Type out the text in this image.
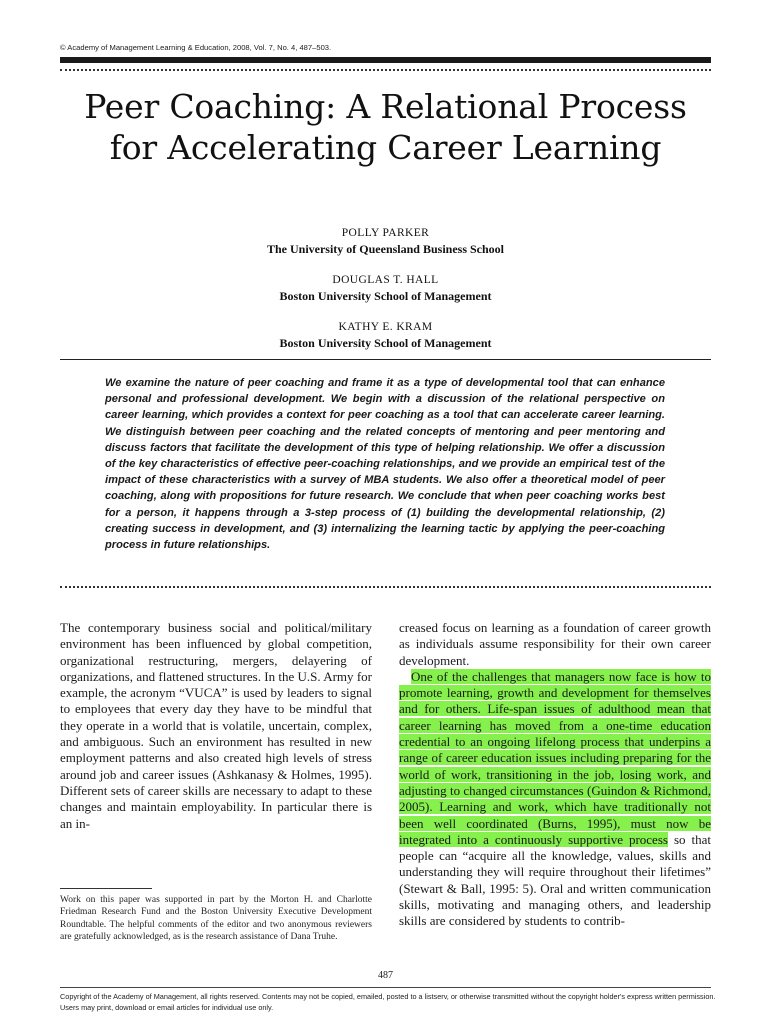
© Academy of Management Learning & Education, 2008, Vol. 7, No. 4, 487–503.
Peer Coaching: A Relational Process for Accelerating Career Learning
POLLY PARKER
The University of Queensland Business School
DOUGLAS T. HALL
Boston University School of Management
KATHY E. KRAM
Boston University School of Management
We examine the nature of peer coaching and frame it as a type of developmental tool that can enhance personal and professional development. We begin with a discussion of the relational perspective on career learning, which provides a context for peer coaching as a tool that can accelerate career learning. We distinguish between peer coaching and the related concepts of mentoring and peer mentoring and discuss factors that facilitate the development of this type of helping relationship. We offer a discussion of the key characteristics of effective peer-coaching relationships, and we provide an empirical test of the impact of these characteristics with a survey of MBA students. We also offer a theoretical model of peer coaching, along with propositions for future research. We conclude that when peer coaching works best for a person, it happens through a 3-step process of (1) building the developmental relationship, (2) creating success in development, and (3) internalizing the learning tactic by applying the peer-coaching process in future relationships.

The contemporary business social and political/military environment has been influenced by global competition, organizational restructuring, mergers, delayering of organizations, and flattened structures. In the U.S. Army for example, the acronym “VUCA” is used by leaders to signal to employees that every day they have to be mindful that they operate in a world that is volatile, uncertain, complex, and ambiguous. Such an environment has resulted in new employment patterns and also created high levels of stress around job and career issues (Ashkanasy & Holmes, 1995). Different sets of career skills are necessary to adapt to these changes and maintain employability. In particular there is an in-

creased focus on learning as a foundation of career growth as individuals assume responsibility for their own career development.

One of the challenges that managers now face is how to promote learning, growth and development for themselves and for others. Life-span issues of adulthood mean that career learning has moved from a one-time education credential to an ongoing lifelong process that underpins a range of career education issues including preparing for the world of work, transitioning in the job, losing work, and adjusting to changed circumstances (Guindon & Richmond, 2005). Learning and work, which have traditionally not been well coordinated (Burns, 1995), must now be integrated into a continuously supportive process so that people can “acquire all the knowledge, values, skills and understanding they will require throughout their lifetimes” (Stewart & Ball, 1995: 5). Oral and written communication skills, motivating and managing others, and leadership skills are considered by students to contrib-

Work on this paper was supported in part by the Morton H. and Charlotte Friedman Research Fund and the Boston University Executive Development Roundtable. The helpful comments of the editor and two anonymous reviewers are gratefully acknowledged, as is the research assistance of Dana Truhe.
487
Copyright of the Academy of Management, all rights reserved. Contents may not be copied, emailed, posted to a listserv, or otherwise transmitted without the copyright holder's express written permission. Users may print, download or email articles for individual use only.
